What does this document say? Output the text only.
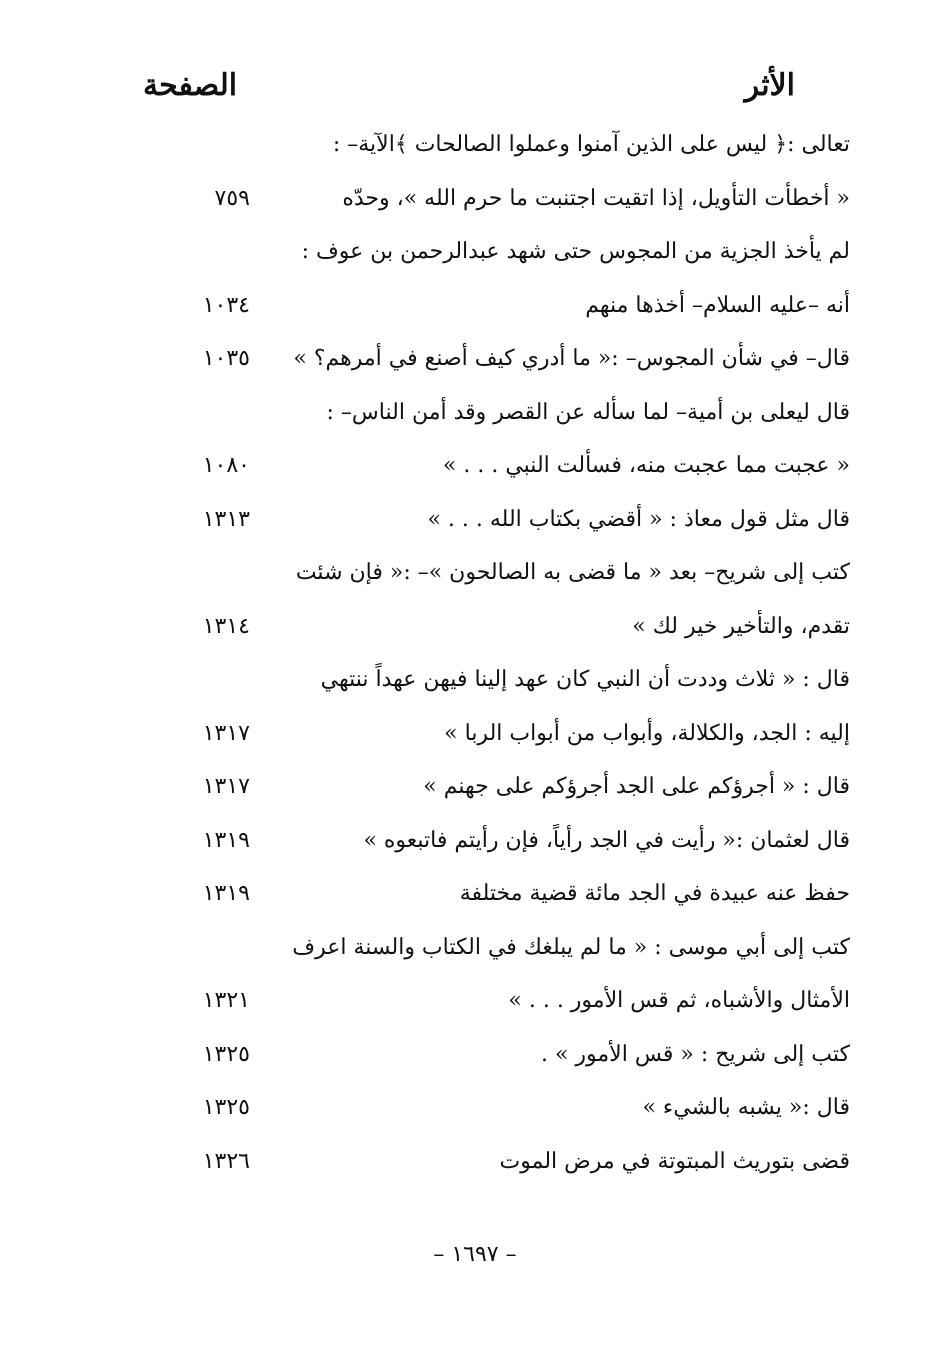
الأثر
الصفحة
تعالى :﴿ ليس على الذين آمنوا وعملوا الصالحات ﴾الآية– :
« أخطأت التأويل، إذا اتقيت اجتنبت ما حرم الله »، وحدّه
٧٥٩
لم يأخذ الجزية من المجوس حتى شهد عبدالرحمن بن عوف :
أنه –عليه السلام– أخذها منهم
١٠٣٤
قال– في شأن المجوس– :« ما أدري كيف أصنع في أمرهم؟ »
١٠٣٥
قال ليعلى بن أمية– لما سأله عن القصر وقد أمن الناس– :
« عجبت مما عجبت منه، فسألت النبي . . . »
١٠٨٠
قال مثل قول معاذ : « أقضي بكتاب الله . . . »
١٣١٣
كتب إلى شريح– بعد « ما قضى به الصالحون »– :« فإن شئت
تقدم، والتأخير خير لك »
١٣١٤
قال : « ثلاث وددت أن النبي كان عهد إلينا فيهن عهداً ننتهي
إليه : الجد، والكلالة، وأبواب من أبواب الربا »
١٣١٧
قال : « أجرؤكم على الجد أجرؤكم على جهنم »
١٣١٧
قال لعثمان :« رأيت في الجد رأياً، فإن رأيتم فاتبعوه »
١٣١٩
حفظ عنه عبيدة في الجد مائة قضية مختلفة
١٣١٩
كتب إلى أبي موسى : « ما لم يبلغك في الكتاب والسنة اعرف
الأمثال والأشباه، ثم قس الأمور . . . »
١٣٢١
كتب إلى شريح : « قس الأمور » .
١٣٢٥
قال :« يشبه بالشيء »
١٣٢٥
قضى بتوريث المبتوتة في مرض الموت
١٣٢٦
– ١٦٩٧ –
